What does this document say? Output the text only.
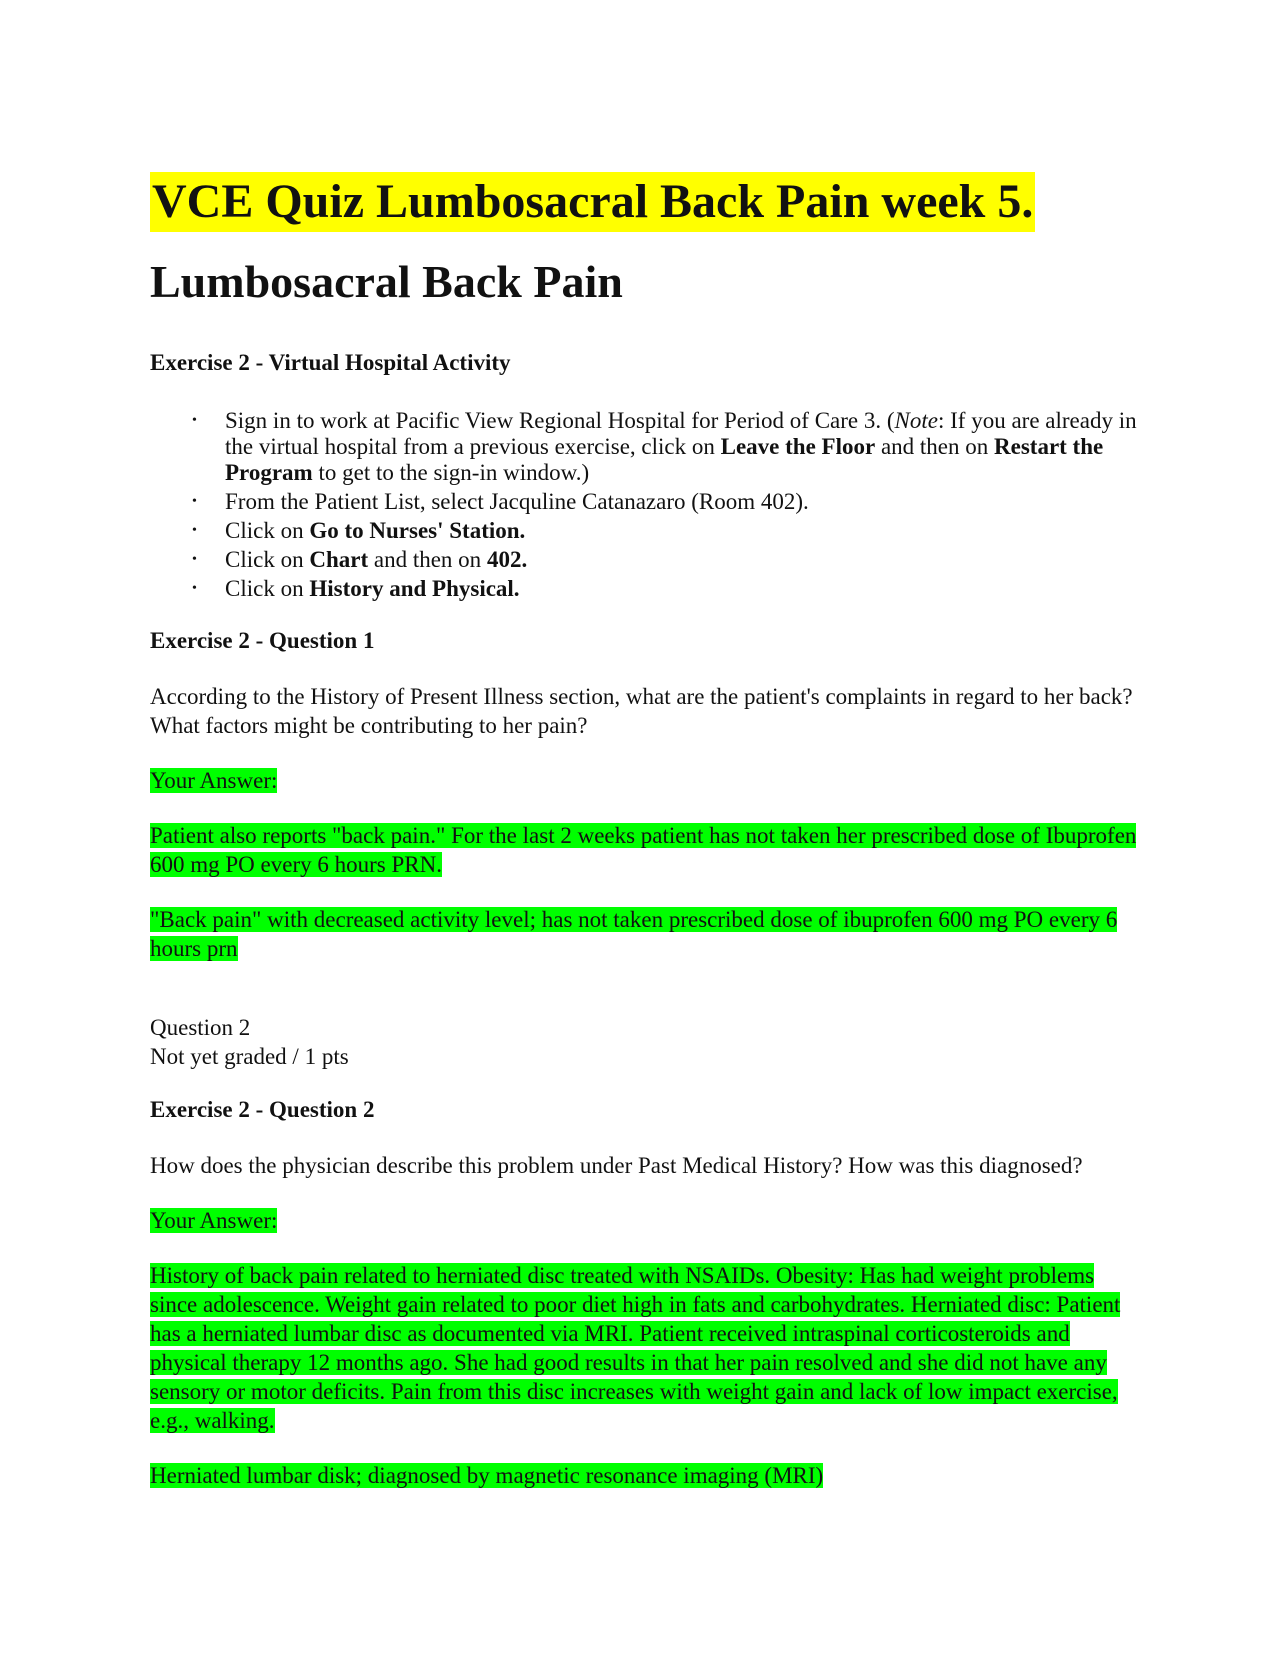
VCE Quiz Lumbosacral Back Pain week 5.
Lumbosacral Back Pain

Exercise 2 - Virtual Hospital Activity

• Sign in to work at Pacific View Regional Hospital for Period of Care 3. (Note: If you are already in the virtual hospital from a previous exercise, click on Leave the Floor and then on Restart the Program to get to the sign-in window.)
• From the Patient List, select Jacquline Catanazaro (Room 402).
• Click on Go to Nurses' Station.
• Click on Chart and then on 402.
• Click on History and Physical.

Exercise 2 - Question 1

According to the History of Present Illness section, what are the patient's complaints in regard to her back? What factors might be contributing to her pain?

Your Answer:

Patient also reports "back pain." For the last 2 weeks patient has not taken her prescribed dose of Ibuprofen 600 mg PO every 6 hours PRN.

"Back pain" with decreased activity level; has not taken prescribed dose of ibuprofen 600 mg PO every 6 hours prn

Question 2

Not yet graded / 1 pts

Exercise 2 - Question 2

How does the physician describe this problem under Past Medical History? How was this diagnosed?

Your Answer:

History of back pain related to herniated disc treated with NSAIDs. Obesity: Has had weight problems since adolescence. Weight gain related to poor diet high in fats and carbohydrates. Herniated disc: Patient has a herniated lumbar disc as documented via MRI. Patient received intraspinal corticosteroids and physical therapy 12 months ago. She had good results in that her pain resolved and she did not have any sensory or motor deficits. Pain from this disc increases with weight gain and lack of low impact exercise, e.g., walking.

Herniated lumbar disk; diagnosed by magnetic resonance imaging (MRI)
